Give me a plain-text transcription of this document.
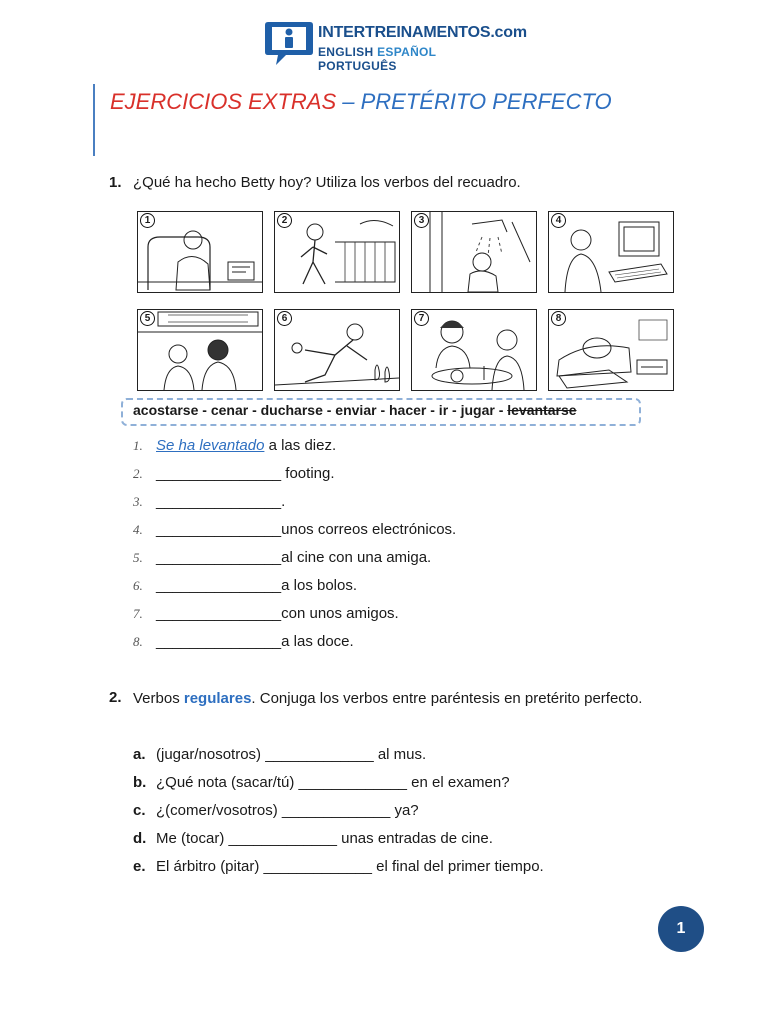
INTERTREINAMENTOS.com
ENGLISH ESPAÑOL PORTUGUÊS
EJERCICIOS EXTRAS – PRETÉRITO PERFECTO
1. ¿Qué ha hecho Betty hoy? Utiliza los verbos del recuadro.
1	2	3	4
5	6	7	8
acostarse - cenar - ducharse - enviar - hacer - ir - jugar - levantarse
1. Se ha levantado a las diez.
2. _______________ footing.
3. _______________.
4. _______________unos correos electrónicos.
5. _______________al cine con una amiga.
6. _______________a los bolos.
7. _______________con unos amigos.
8. _______________a las doce.
2. Verbos regulares. Conjuga los verbos entre paréntesis en pretérito perfecto.
a. (jugar/nosotros) _____________ al mus.
b. ¿Qué nota (sacar/tú) _____________ en el examen?
c. ¿(comer/vosotros) _____________ ya?
d. Me (tocar) _____________ unas entradas de cine.
e. El árbitro (pitar) _____________ el final del primer tiempo.
1
